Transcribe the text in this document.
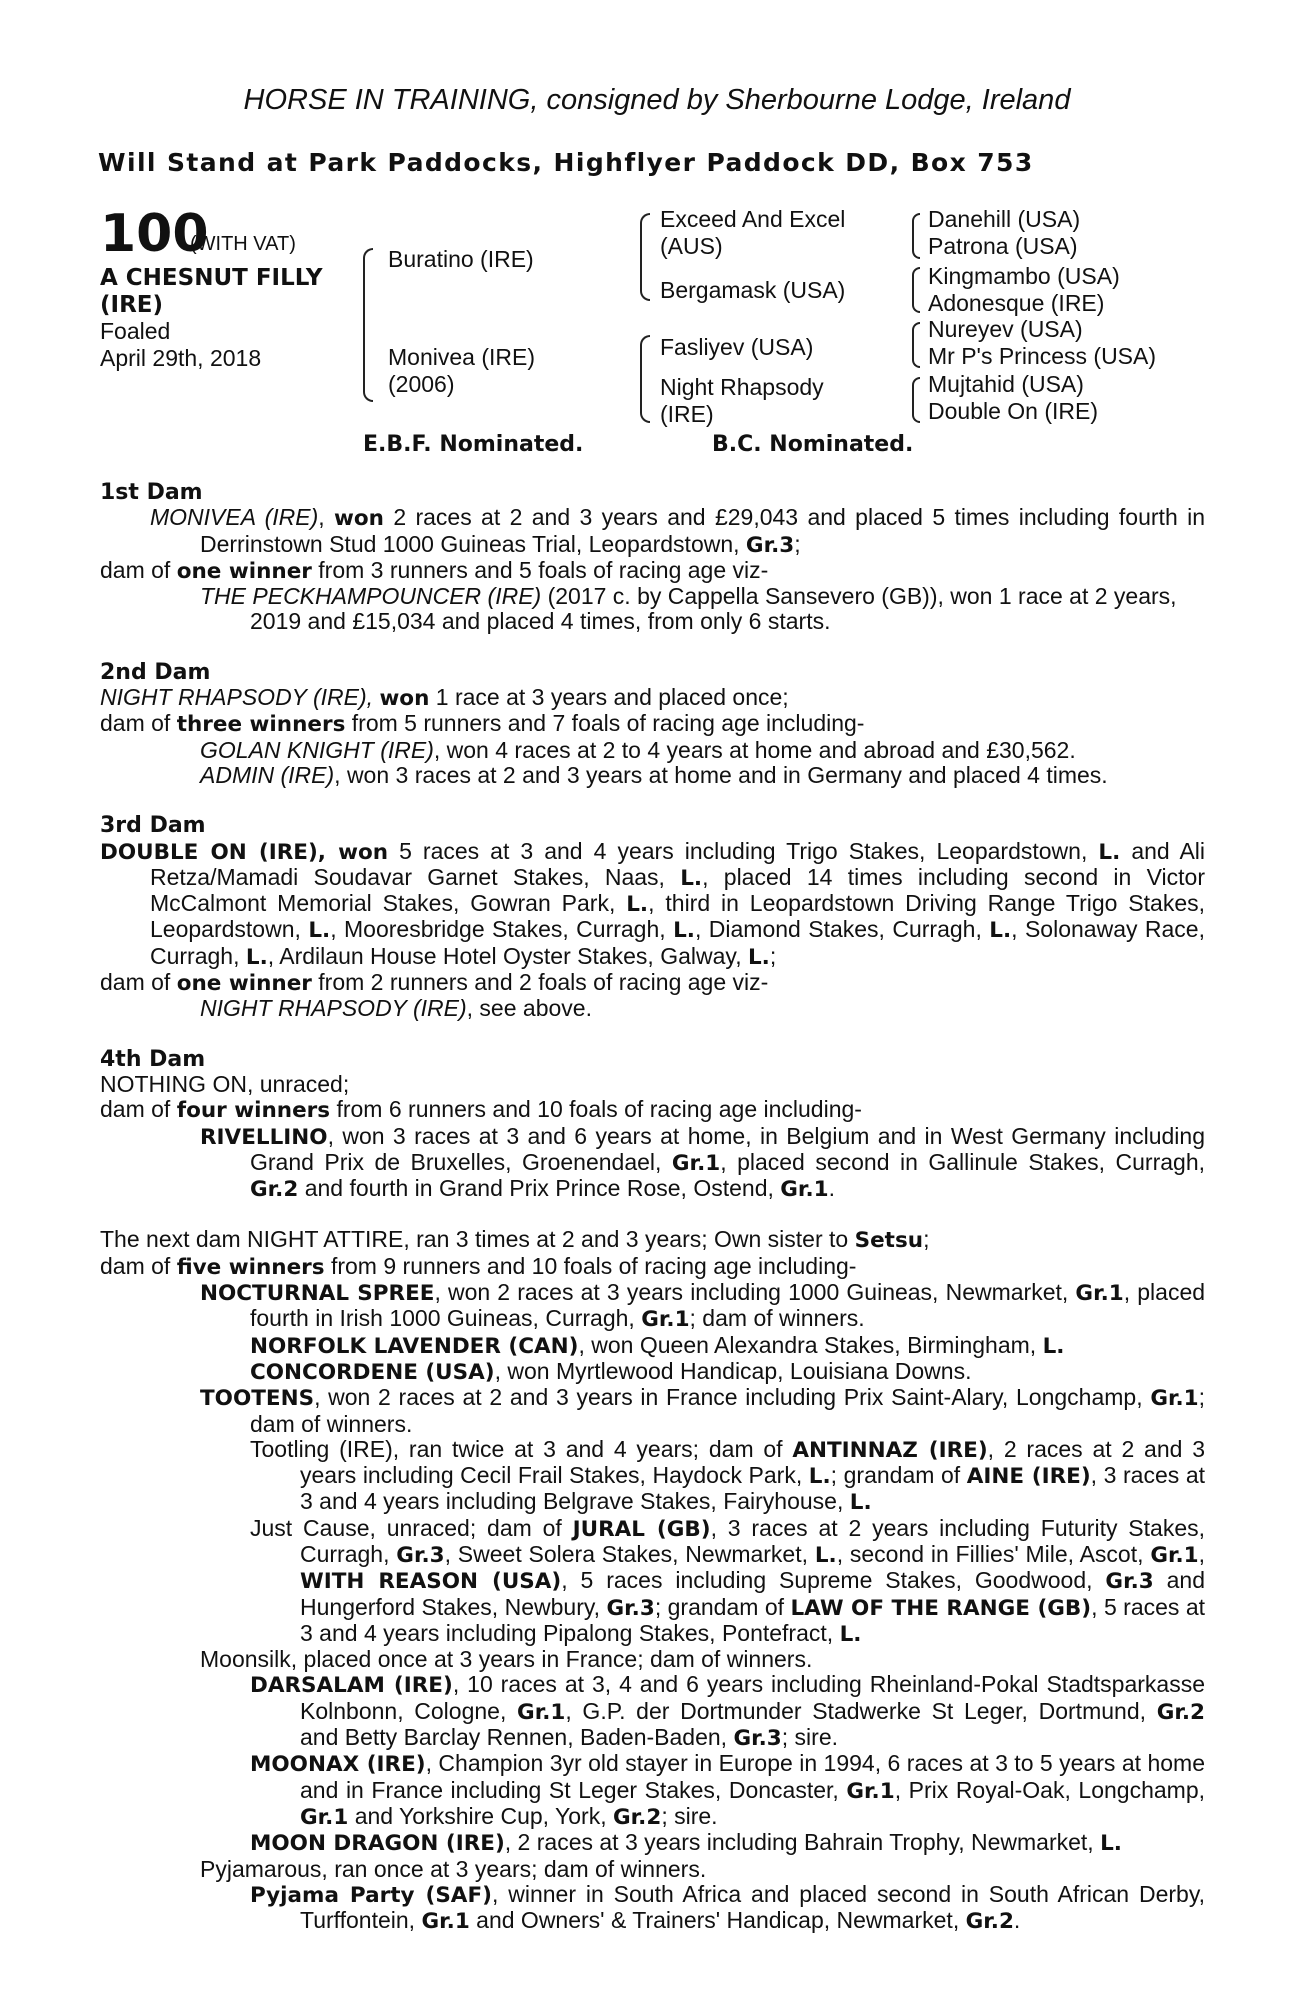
HORSE IN TRAINING, consigned by Sherbourne Lodge, Ireland
Will Stand at Park Paddocks, Highflyer Paddock DD, Box 753
100
(WITH VAT)
A CHESNUT FILLY (IRE)
Foaled
April 29th, 2018
Buratino (IRE)
Monivea (IRE)
(2006)
Exceed And Excel
(AUS)
Bergamask (USA)
Fasliyev (USA)
Night Rhapsody
(IRE)
Danehill (USA)
Patrona (USA)
Kingmambo (USA)
Adonesque (IRE)
Nureyev (USA)
Mr P's Princess (USA)
Mujtahid (USA)
Double On (IRE)
E.B.F. Nominated.	B.C. Nominated.
1st Dam
MONIVEA (IRE), won 2 races at 2 and 3 years and £29,043 and placed 5 times including fourth in Derrinstown Stud 1000 Guineas Trial, Leopardstown, Gr.3;
dam of one winner from 3 runners and 5 foals of racing age viz-
THE PECKHAMPOUNCER (IRE) (2017 c. by Cappella Sansevero (GB)), won 1 race at 2 years, 2019 and £15,034 and placed 4 times, from only 6 starts.
2nd Dam
NIGHT RHAPSODY (IRE), won 1 race at 3 years and placed once;
dam of three winners from 5 runners and 7 foals of racing age including-
GOLAN KNIGHT (IRE), won 4 races at 2 to 4 years at home and abroad and £30,562.
ADMIN (IRE), won 3 races at 2 and 3 years at home and in Germany and placed 4 times.
3rd Dam
DOUBLE ON (IRE), won 5 races at 3 and 4 years including Trigo Stakes, Leopardstown, L. and Ali Retza/Mamadi Soudavar Garnet Stakes, Naas, L., placed 14 times including second in Victor McCalmont Memorial Stakes, Gowran Park, L., third in Leopardstown Driving Range Trigo Stakes, Leopardstown, L., Mooresbridge Stakes, Curragh, L., Diamond Stakes, Curragh, L., Solonaway Race, Curragh, L., Ardilaun House Hotel Oyster Stakes, Galway, L.;
dam of one winner from 2 runners and 2 foals of racing age viz-
NIGHT RHAPSODY (IRE), see above.
4th Dam
NOTHING ON, unraced;
dam of four winners from 6 runners and 10 foals of racing age including-
RIVELLINO, won 3 races at 3 and 6 years at home, in Belgium and in West Germany including Grand Prix de Bruxelles, Groenendael, Gr.1, placed second in Gallinule Stakes, Curragh, Gr.2 and fourth in Grand Prix Prince Rose, Ostend, Gr.1.
The next dam NIGHT ATTIRE, ran 3 times at 2 and 3 years; Own sister to Setsu;
dam of five winners from 9 runners and 10 foals of racing age including-
NOCTURNAL SPREE, won 2 races at 3 years including 1000 Guineas, Newmarket, Gr.1, placed fourth in Irish 1000 Guineas, Curragh, Gr.1; dam of winners.
NORFOLK LAVENDER (CAN), won Queen Alexandra Stakes, Birmingham, L.
CONCORDENE (USA), won Myrtlewood Handicap, Louisiana Downs.
TOOTENS, won 2 races at 2 and 3 years in France including Prix Saint-Alary, Longchamp, Gr.1; dam of winners.
Tootling (IRE), ran twice at 3 and 4 years; dam of ANTINNAZ (IRE), 2 races at 2 and 3 years including Cecil Frail Stakes, Haydock Park, L.; grandam of AINE (IRE), 3 races at 3 and 4 years including Belgrave Stakes, Fairyhouse, L.
Just Cause, unraced; dam of JURAL (GB), 3 races at 2 years including Futurity Stakes, Curragh, Gr.3, Sweet Solera Stakes, Newmarket, L., second in Fillies' Mile, Ascot, Gr.1, WITH REASON (USA), 5 races including Supreme Stakes, Goodwood, Gr.3 and Hungerford Stakes, Newbury, Gr.3; grandam of LAW OF THE RANGE (GB), 5 races at 3 and 4 years including Pipalong Stakes, Pontefract, L.
Moonsilk, placed once at 3 years in France; dam of winners.
DARSALAM (IRE), 10 races at 3, 4 and 6 years including Rheinland-Pokal Stadtsparkasse Kolnbonn, Cologne, Gr.1, G.P. der Dortmunder Stadwerke St Leger, Dortmund, Gr.2 and Betty Barclay Rennen, Baden-Baden, Gr.3; sire.
MOONAX (IRE), Champion 3yr old stayer in Europe in 1994, 6 races at 3 to 5 years at home and in France including St Leger Stakes, Doncaster, Gr.1, Prix Royal-Oak, Longchamp, Gr.1 and Yorkshire Cup, York, Gr.2; sire.
MOON DRAGON (IRE), 2 races at 3 years including Bahrain Trophy, Newmarket, L.
Pyjamarous, ran once at 3 years; dam of winners.
Pyjama Party (SAF), winner in South Africa and placed second in South African Derby, Turffontein, Gr.1 and Owners' & Trainers' Handicap, Newmarket, Gr.2.
